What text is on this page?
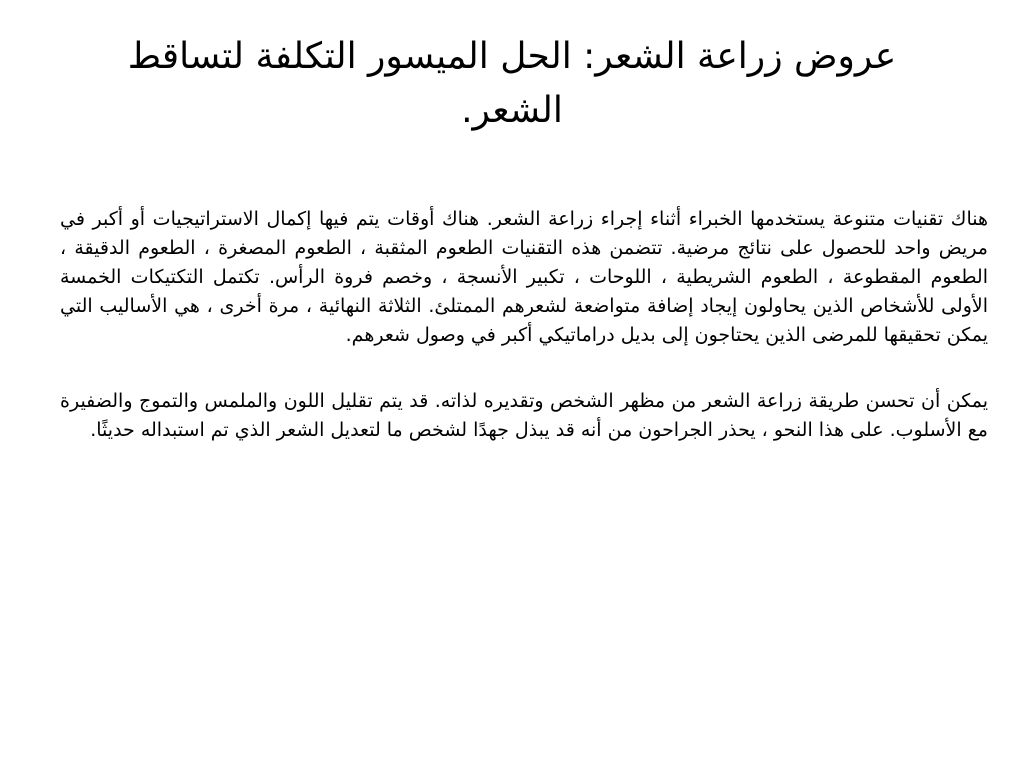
عروض زراعة الشعر: الحل الميسور التكلفة لتساقط الشعر.

هناك تقنيات متنوعة يستخدمها الخبراء أثناء إجراء زراعة الشعر. هناك أوقات يتم فيها إكمال الاستراتيجيات أو أكبر في مريض واحد للحصول على نتائج مرضية. تتضمن هذه التقنيات الطعوم المثقبة ، الطعوم المصغرة ، الطعوم الدقيقة ، الطعوم المقطوعة ، الطعوم الشريطية ، اللوحات ، تكبير الأنسجة ، وخصم فروة الرأس. تكتمل التكتيكات الخمسة الأولى للأشخاص الذين يحاولون إيجاد إضافة متواضعة لشعرهم الممتلئ. الثلاثة النهائية ، مرة أخرى ، هي الأساليب التي يمكن تحقيقها للمرضى الذين يحتاجون إلى بديل دراماتيكي أكبر في وصول شعرهم.

يمكن أن تحسن طريقة زراعة الشعر من مظهر الشخص وتقديره لذاته. قد يتم تقليل اللون والملمس والتموج والضفيرة مع الأسلوب. على هذا النحو ، يحذر الجراحون من أنه قد يبذل جهدًا لشخص ما لتعديل الشعر الذي تم استبداله حديثًا.
